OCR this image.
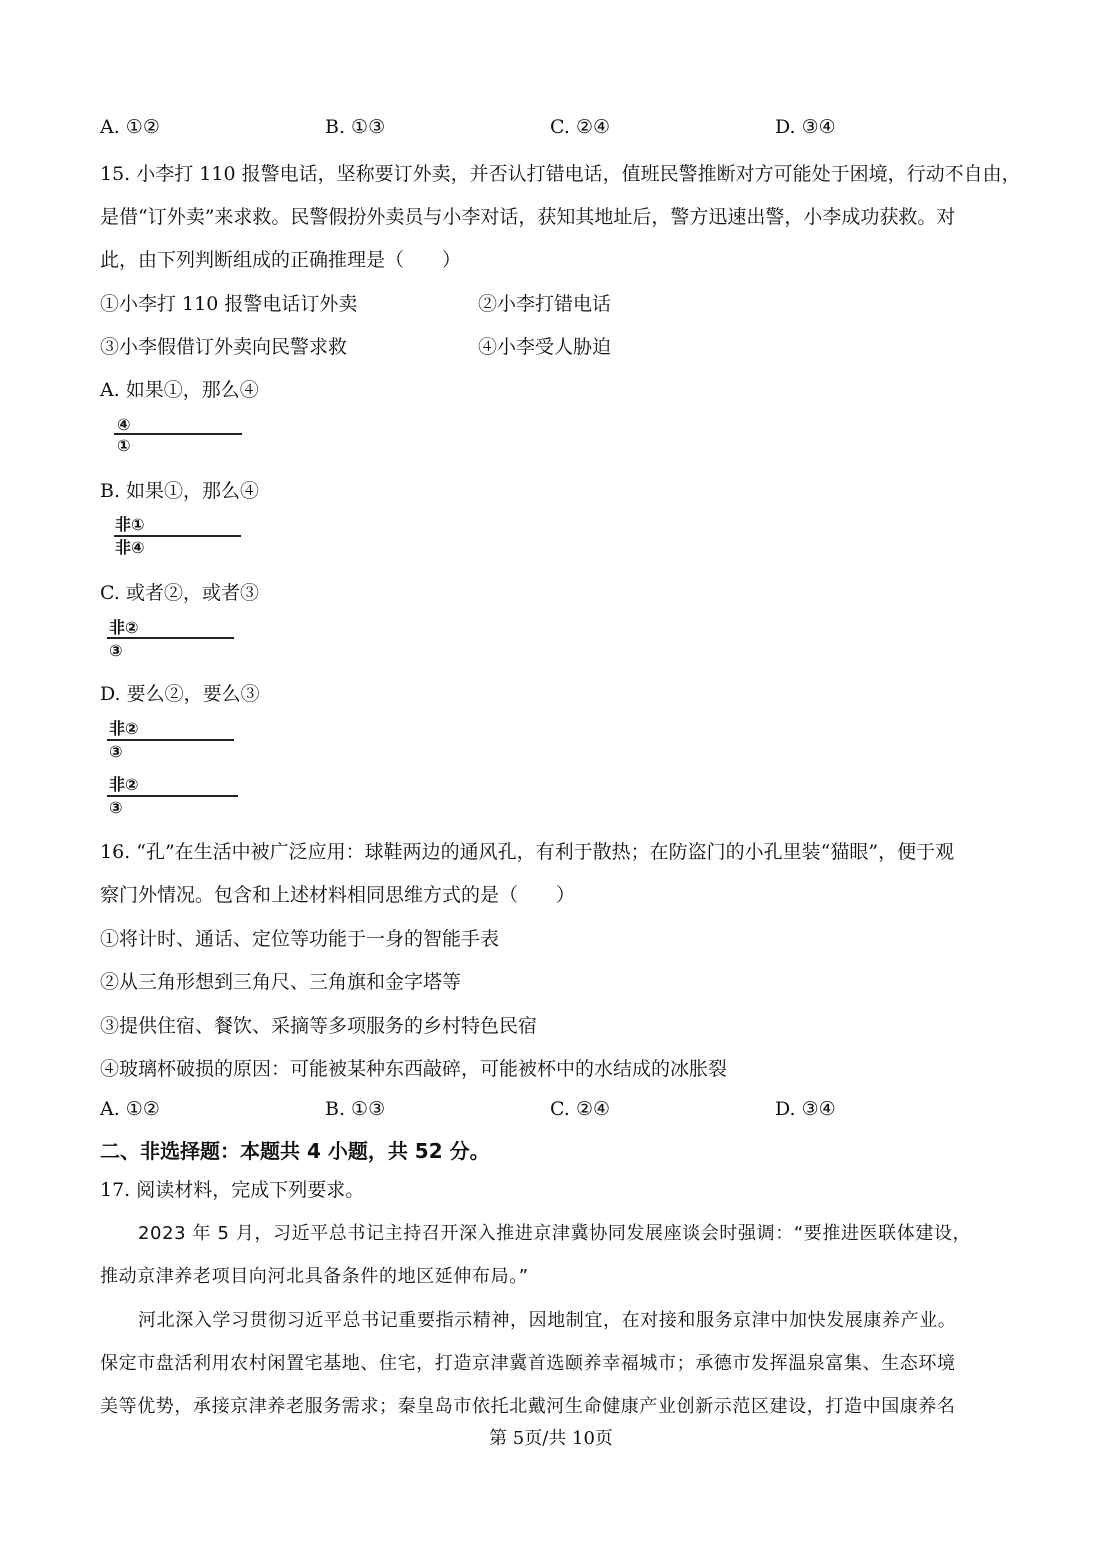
A. ①②	B. ①③	C. ②④	D. ③④
15. 小李打 110 报警电话，坚称要订外卖，并否认打错电话，值班民警推断对方可能处于困境，行动不自由，
是借“订外卖”来求救。民警假扮外卖员与小李对话，获知其地址后，警方迅速出警，小李成功获救。对
此，由下列判断组成的正确推理是（　　）
①小李打 110 报警电话订外卖	②小李打错电话
③小李假借订外卖向民警求救	④小李受人胁迫
A. 如果①，那么④
④
①
B. 如果①，那么④
非①
非④
C. 或者②，或者③
非②
③
D. 要么②，要么③
非②
③
非②
③
16. “孔”在生活中被广泛应用：球鞋两边的通风孔，有利于散热；在防盗门的小孔里装“猫眼”，便于观
察门外情况。包含和上述材料相同思维方式的是（　　）
①将计时、通话、定位等功能于一身的智能手表
②从三角形想到三角尺、三角旗和金字塔等
③提供住宿、餐饮、采摘等多项服务的乡村特色民宿
④玻璃杯破损的原因：可能被某种东西敲碎，可能被杯中的水结成的冰胀裂
A. ①②	B. ①③	C. ②④	D. ③④
二、非选择题：本题共 4 小题，共 52 分。
17. 阅读材料，完成下列要求。
2023 年 5 月，习近平总书记主持召开深入推进京津冀协同发展座谈会时强调：“要推进医联体建设，
推动京津养老项目向河北具备条件的地区延伸布局。”
河北深入学习贯彻习近平总书记重要指示精神，因地制宜，在对接和服务京津中加快发展康养产业。
保定市盘活利用农村闲置宅基地、住宅，打造京津冀首选颐养幸福城市；承德市发挥温泉富集、生态环境
美等优势，承接京津养老服务需求；秦皇岛市依托北戴河生命健康产业创新示范区建设，打造中国康养名
第 5页/共 10页
